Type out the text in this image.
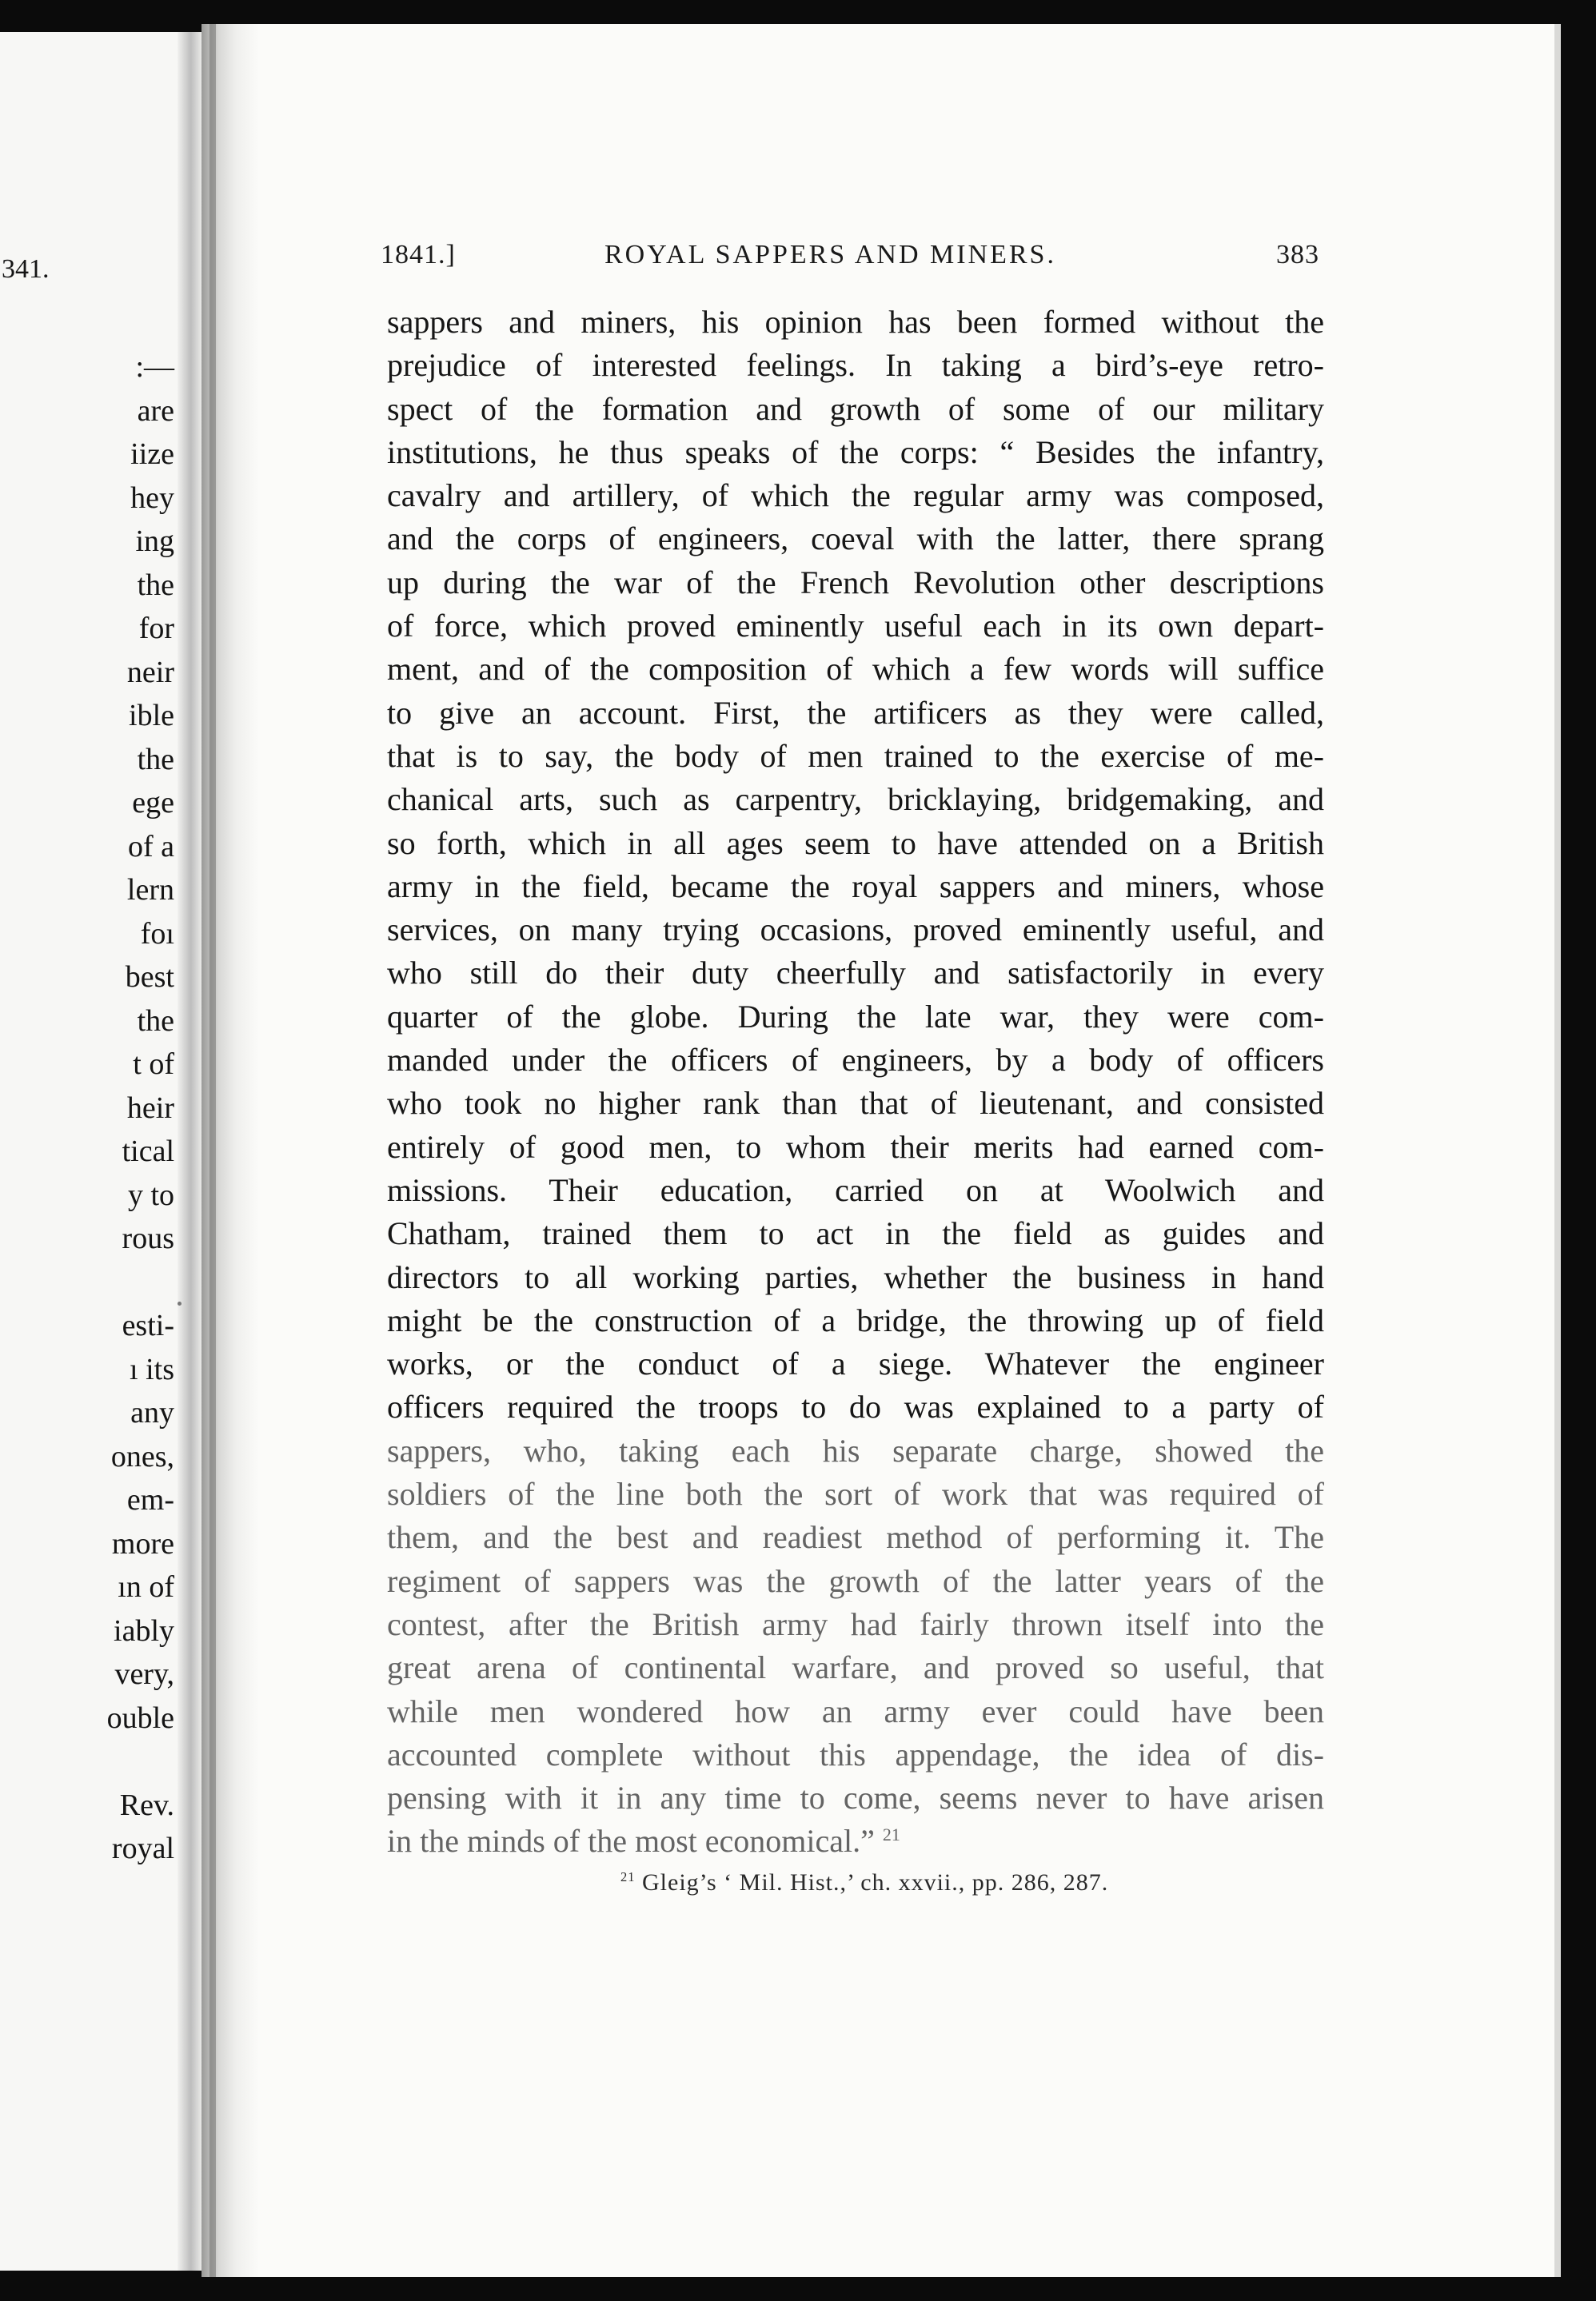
341.
:—
are
iize
hey
ing
the
for
neir
ible
the
ege
of a
lern
foı
best
the
t of
heir
tical
y to
rous
esti-
ı its
any
ones,
em-
more
ın of
iably
very,
ouble
Rev.
royal
1841.]	ROYAL SAPPERS AND MINERS.	383
sappers and miners, his opinion has been formed without the
prejudice of interested feelings. In taking a bird’s-eye retro-
spect of the formation and growth of some of our military
institutions, he thus speaks of the corps: “ Besides the infantry,
cavalry and artillery, of which the regular army was composed,
and the corps of engineers, coeval with the latter, there sprang
up during the war of the French Revolution other descriptions
of force, which proved eminently useful each in its own depart-
ment, and of the composition of which a few words will suffice
to give an account. First, the artificers as they were called,
that is to say, the body of men trained to the exercise of me-
chanical arts, such as carpentry, bricklaying, bridgemaking, and
so forth, which in all ages seem to have attended on a British
army in the field, became the royal sappers and miners, whose
services, on many trying occasions, proved eminently useful, and
who still do their duty cheerfully and satisfactorily in every
quarter of the globe. During the late war, they were com-
manded under the officers of engineers, by a body of officers
who took no higher rank than that of lieutenant, and consisted
entirely of good men, to whom their merits had earned com-
missions. Their education, carried on at Woolwich and
Chatham, trained them to act in the field as guides and
directors to all working parties, whether the business in hand
might be the construction of a bridge, the throwing up of field
works, or the conduct of a siege. Whatever the engineer
officers required the troops to do was explained to a party of
sappers, who, taking each his separate charge, showed the
soldiers of the line both the sort of work that was required of
them, and the best and readiest method of performing it. The
regiment of sappers was the growth of the latter years of the
contest, after the British army had fairly thrown itself into the
great arena of continental warfare, and proved so useful, that
while men wondered how an army ever could have been
accounted complete without this appendage, the idea of dis-
pensing with it in any time to come, seems never to have arisen
in the minds of the most economical.” $^{21}$
$^{21}$ Gleig’s ‘ Mil. Hist.,’ ch. xxvii., pp. 286, 287.
